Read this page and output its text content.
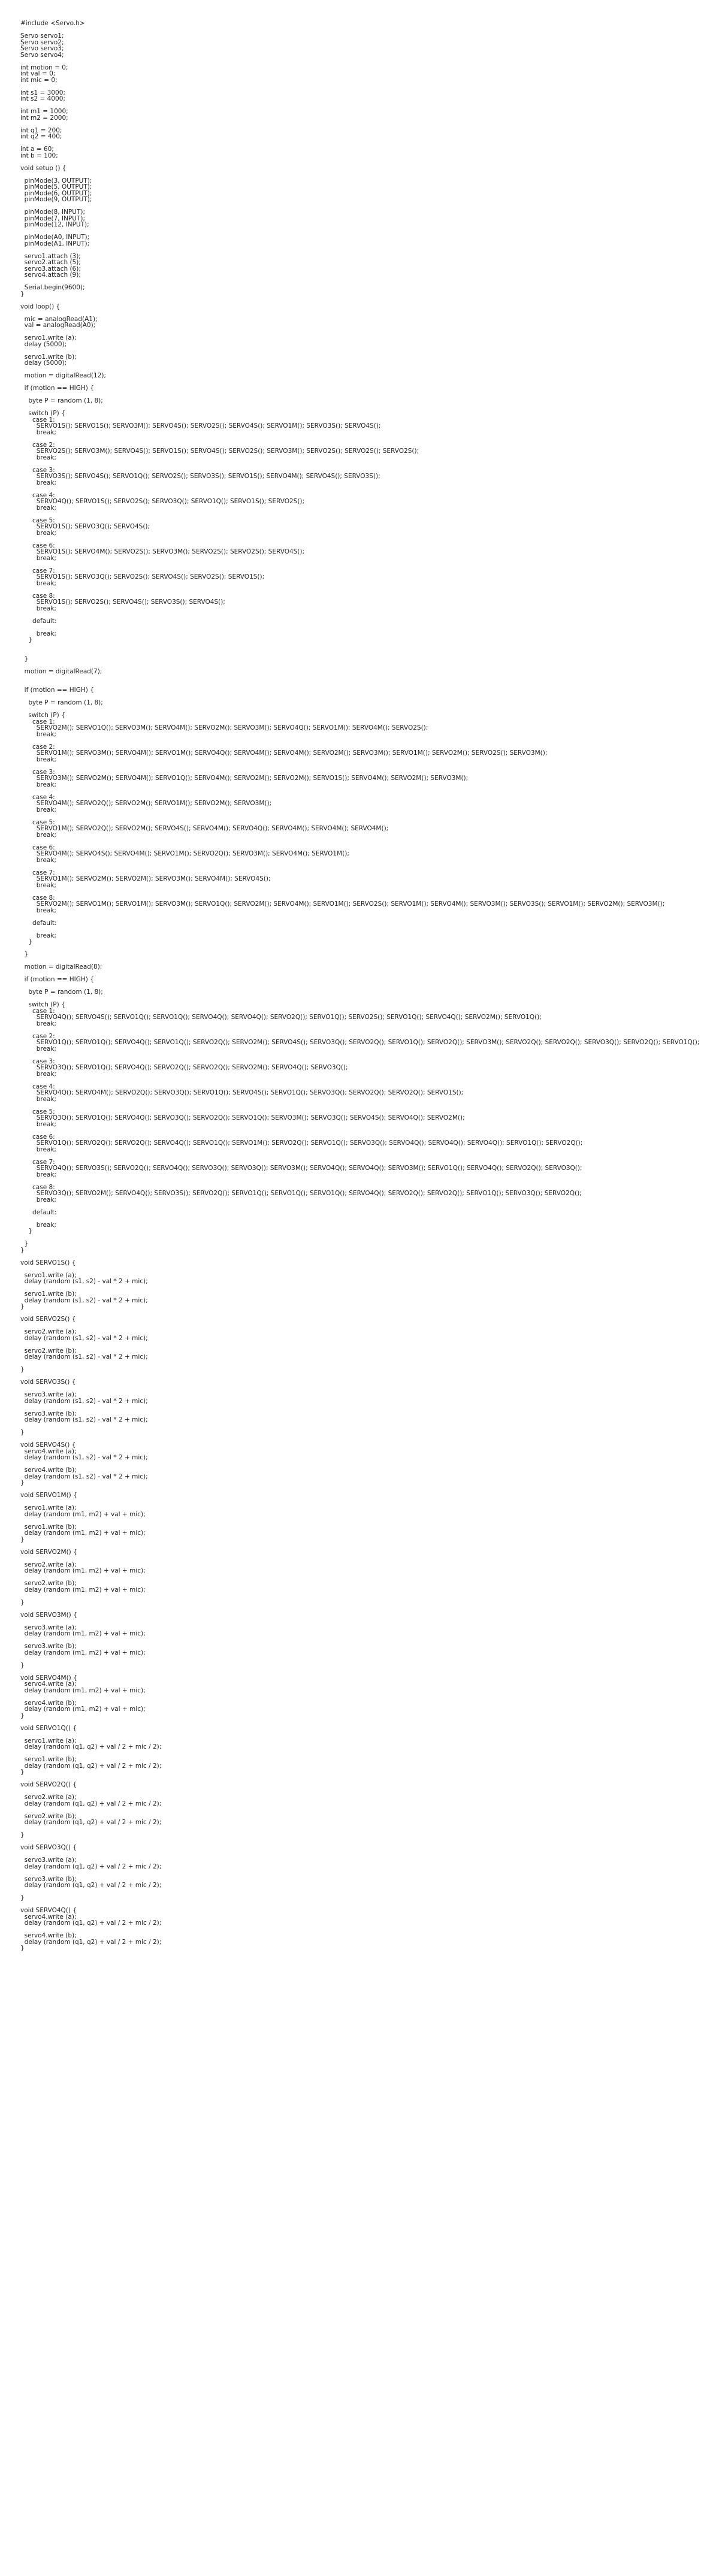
#include <Servo.h>
Servo servo1;
Servo servo2;
Servo servo3;
Servo servo4;
int motion = 0;
int val = 0;
int mic = 0;
int s1 = 3000;
int s2 = 4000;
int m1 = 1000;
int m2 = 2000;
int q1 = 200;
int q2 = 400;
int a = 60;
int b = 100;
void setup () {
pinMode(3, OUTPUT);
pinMode(5, OUTPUT);
pinMode(6, OUTPUT);
pinMode(9, OUTPUT);
pinMode(8, INPUT);
pinMode(7, INPUT);
pinMode(12, INPUT);
pinMode(A0, INPUT);
pinMode(A1, INPUT);
servo1.attach (3);
servo2.attach (5);
servo3.attach (6);
servo4.attach (9);
Serial.begin(9600);
}
void loop() {
mic = analogRead(A1);
val = analogRead(A0);
servo1.write (a);
delay (5000);
servo1.write (b);
delay (5000);
motion = digitalRead(12);
if (motion == HIGH) {
byte P = random (1, 8);
switch (P) {
case 1:
SERVO1S(); SERVO1S(); SERVO3M(); SERVO4S(); SERVO2S(); SERVO4S(); SERVO1M(); SERVO3S(); SERVO4S();
break;
case 2:
SERVO2S(); SERVO3M(); SERVO4S(); SERVO1S(); SERVO4S(); SERVO2S(); SERVO3M(); SERVO2S(); SERVO2S(); SERVO2S();
break;
case 3:
SERVO3S(); SERVO4S(); SERVO1Q(); SERVO2S(); SERVO3S(); SERVO1S(); SERVO4M(); SERVO4S(); SERVO3S();
break;
case 4:
SERVO4Q(); SERVO1S(); SERVO2S(); SERVO3Q(); SERVO1Q(); SERVO1S(); SERVO2S();
break;
case 5:
SERVO1S(); SERVO3Q(); SERVO4S();
break;
case 6:
SERVO1S(); SERVO4M(); SERVO2S(); SERVO3M(); SERVO2S(); SERVO2S(); SERVO4S();
break;
case 7:
SERVO1S(); SERVO3Q(); SERVO2S(); SERVO4S(); SERVO2S(); SERVO1S();
break;
case 8:
SERVO1S(); SERVO2S(); SERVO4S(); SERVO3S(); SERVO4S();
break;
default:
break;
}
}
motion = digitalRead(7);
if (motion == HIGH) {
byte P = random (1, 8);
switch (P) {
case 1:
SERVO2M(); SERVO1Q(); SERVO3M(); SERVO4M(); SERVO2M(); SERVO3M(); SERVO4Q(); SERVO1M(); SERVO4M(); SERVO2S();
break;
case 2:
SERVO1M(); SERVO3M(); SERVO4M(); SERVO1M(); SERVO4Q(); SERVO4M(); SERVO4M(); SERVO2M(); SERVO3M(); SERVO1M(); SERVO2M(); SERVO2S(); SERVO3M();
break;
case 3:
SERVO3M(); SERVO2M(); SERVO4M(); SERVO1Q(); SERVO4M(); SERVO2M(); SERVO2M(); SERVO1S(); SERVO4M(); SERVO2M(); SERVO3M();
break;
case 4:
SERVO4M(); SERVO2Q(); SERVO2M(); SERVO1M(); SERVO2M(); SERVO3M();
break;
case 5:
SERVO1M(); SERVO2Q(); SERVO2M(); SERVO4S(); SERVO4M(); SERVO4Q(); SERVO4M(); SERVO4M(); SERVO4M();
break;
case 6:
SERVO4M(); SERVO4S(); SERVO4M(); SERVO1M(); SERVO2Q(); SERVO3M(); SERVO4M(); SERVO1M();
break;
case 7:
SERVO1M(); SERVO2M(); SERVO2M(); SERVO3M(); SERVO4M(); SERVO4S();
break;
case 8:
SERVO2M(); SERVO1M(); SERVO1M(); SERVO3M(); SERVO1Q(); SERVO2M(); SERVO4M(); SERVO1M(); SERVO2S(); SERVO1M(); SERVO4M(); SERVO3M(); SERVO3S(); SERVO1M(); SERVO2M(); SERVO3M();
break;
default:
break;
}
}
motion = digitalRead(8);
if (motion == HIGH) {
byte P = random (1, 8);
switch (P) {
case 1:
SERVO4Q(); SERVO4S(); SERVO1Q(); SERVO1Q(); SERVO4Q(); SERVO4Q(); SERVO2Q(); SERVO1Q(); SERVO2S(); SERVO1Q(); SERVO4Q(); SERVO2M(); SERVO1Q();
break;
case 2:
SERVO1Q(); SERVO1Q(); SERVO4Q(); SERVO1Q(); SERVO2Q(); SERVO2M(); SERVO4S(); SERVO3Q(); SERVO2Q(); SERVO1Q(); SERVO2Q(); SERVO3M(); SERVO2Q(); SERVO2Q(); SERVO3Q(); SERVO2Q(); SERVO1Q();
break;
case 3:
SERVO3Q(); SERVO1Q(); SERVO4Q(); SERVO2Q(); SERVO2Q(); SERVO2M(); SERVO4Q(); SERVO3Q();
break;
case 4:
SERVO4Q(); SERVO4M(); SERVO2Q(); SERVO3Q(); SERVO1Q(); SERVO4S(); SERVO1Q(); SERVO3Q(); SERVO2Q(); SERVO2Q(); SERVO1S();
break;
case 5:
SERVO3Q(); SERVO1Q(); SERVO4Q(); SERVO3Q(); SERVO2Q(); SERVO1Q(); SERVO3M(); SERVO3Q(); SERVO4S(); SERVO4Q(); SERVO2M();
break;
case 6:
SERVO1Q(); SERVO2Q(); SERVO2Q(); SERVO4Q(); SERVO1Q(); SERVO1M(); SERVO2Q(); SERVO1Q(); SERVO3Q(); SERVO4Q(); SERVO4Q(); SERVO4Q(); SERVO1Q(); SERVO2Q();
break;
case 7:
SERVO4Q(); SERVO3S(); SERVO2Q(); SERVO4Q(); SERVO3Q(); SERVO3Q(); SERVO3M(); SERVO4Q(); SERVO4Q(); SERVO3M(); SERVO1Q(); SERVO4Q(); SERVO2Q(); SERVO3Q();
break;
case 8:
SERVO3Q(); SERVO2M(); SERVO4Q(); SERVO3S(); SERVO2Q(); SERVO1Q(); SERVO1Q(); SERVO1Q(); SERVO4Q(); SERVO2Q(); SERVO2Q(); SERVO1Q(); SERVO3Q(); SERVO2Q();
break;
default:
break;
}
}
}
void SERVO1S() {
servo1.write (a);
delay (random (s1, s2) - val * 2 + mic);
servo1.write (b);
delay (random (s1, s2) - val * 2 + mic);
}
void SERVO2S() {
servo2.write (a);
delay (random (s1, s2) - val * 2 + mic);
servo2.write (b);
delay (random (s1, s2) - val * 2 + mic);
}
void SERVO3S() {
servo3.write (a);
delay (random (s1, s2) - val * 2 + mic);
servo3.write (b);
delay (random (s1, s2) - val * 2 + mic);
}
void SERVO4S() {
servo4.write (a);
delay (random (s1, s2) - val * 2 + mic);
servo4.write (b);
delay (random (s1, s2) - val * 2 + mic);
}
void SERVO1M() {
servo1.write (a);
delay (random (m1, m2) + val + mic);
servo1.write (b);
delay (random (m1, m2) + val + mic);
}
void SERVO2M() {
servo2.write (a);
delay (random (m1, m2) + val + mic);
servo2.write (b);
delay (random (m1, m2) + val + mic);
}
void SERVO3M() {
servo3.write (a);
delay (random (m1, m2) + val + mic);
servo3.write (b);
delay (random (m1, m2) + val + mic);
}
void SERVO4M() {
servo4.write (a);
delay (random (m1, m2) + val + mic);
servo4.write (b);
delay (random (m1, m2) + val + mic);
}
void SERVO1Q() {
servo1.write (a);
delay (random (q1, q2) + val / 2 + mic / 2);
servo1.write (b);
delay (random (q1, q2) + val / 2 + mic / 2);
}
void SERVO2Q() {
servo2.write (a);
delay (random (q1, q2) + val / 2 + mic / 2);
servo2.write (b);
delay (random (q1, q2) + val / 2 + mic / 2);
}
void SERVO3Q() {
servo3.write (a);
delay (random (q1, q2) + val / 2 + mic / 2);
servo3.write (b);
delay (random (q1, q2) + val / 2 + mic / 2);
}
void SERVO4Q() {
servo4.write (a);
delay (random (q1, q2) + val / 2 + mic / 2);
servo4.write (b);
delay (random (q1, q2) + val / 2 + mic / 2);
}
